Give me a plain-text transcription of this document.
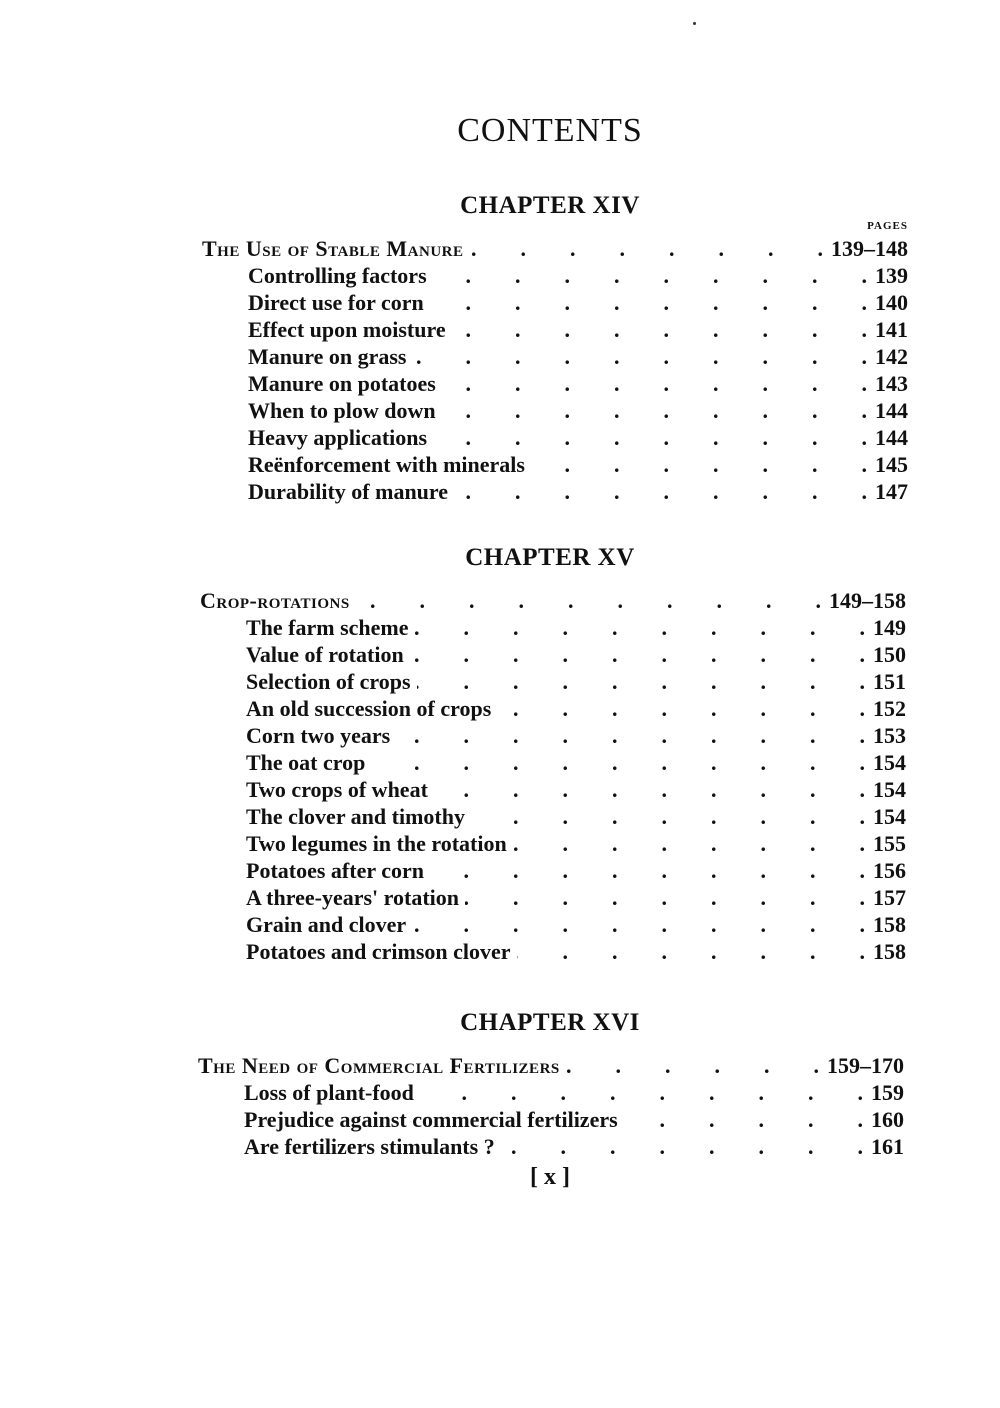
CONTENTS
CHAPTER XIV
PAGES
The Use of Stable Manure .	139–148
Controlling factors .	139
Direct use for corn .	140
Effect upon moisture .	141
Manure on grass .	142
Manure on potatoes .	143
When to plow down .	144
Heavy applications .	144
Reënforcement with minerals .	145
Durability of manure .	147
CHAPTER XV
Crop-rotations .	149–158
The farm scheme .	149
Value of rotation .	150
Selection of crops .	151
An old succession of crops .	152
Corn two years .	153
The oat crop .	154
Two crops of wheat .	154
The clover and timothy .	154
Two legumes in the rotation .	155
Potatoes after corn .	156
A three-years' rotation .	157
Grain and clover .	158
Potatoes and crimson clover .	158
CHAPTER XVI
The Need of Commercial Fertilizers .	159–170
Loss of plant-food .	159
Prejudice against commercial fertilizers .	160
Are fertilizers stimulants ? .	161
[ x ]
